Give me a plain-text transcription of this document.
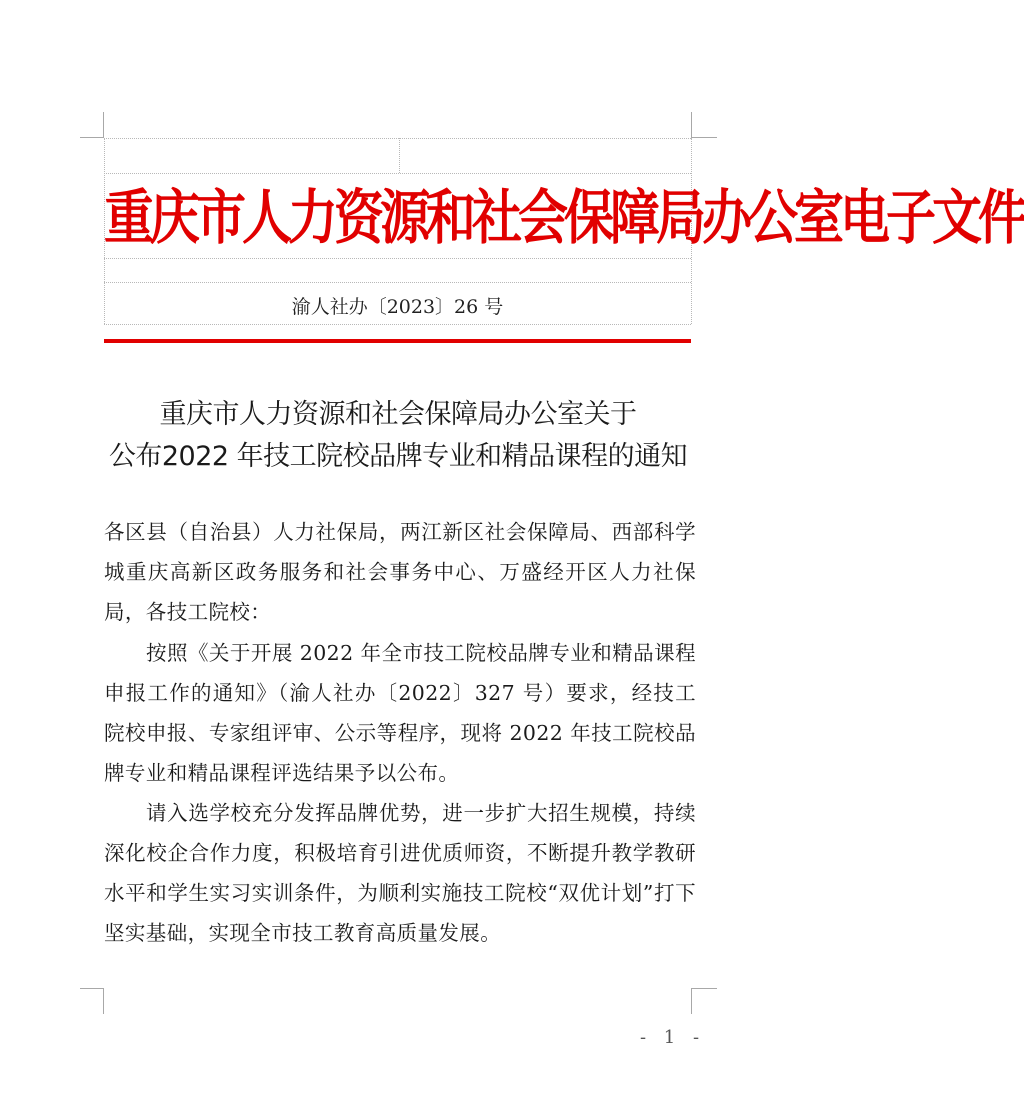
重庆市人力资源和社会保障局办公室电子文件
渝人社办〔2023〕26 号
重庆市人力资源和社会保障局办公室关于
公布2022 年技工院校品牌专业和精品课程的通知
各区县（自治县）人力社保局，两江新区社会保障局、西部科学城重庆高新区政务服务和社会事务中心、万盛经开区人力社保局，各技工院校：
按照《关于开展 2022 年全市技工院校品牌专业和精品课程申报工作的通知》（渝人社办〔2022〕327 号）要求，经技工院校申报、专家组评审、公示等程序，现将 2022 年技工院校品牌专业和精品课程评选结果予以公布。
请入选学校充分发挥品牌优势，进一步扩大招生规模，持续深化校企合作力度，积极培育引进优质师资，不断提升教学教研水平和学生实习实训条件，为顺利实施技工院校“双优计划”打下坚实基础，实现全市技工教育高质量发展。
- 1 -
